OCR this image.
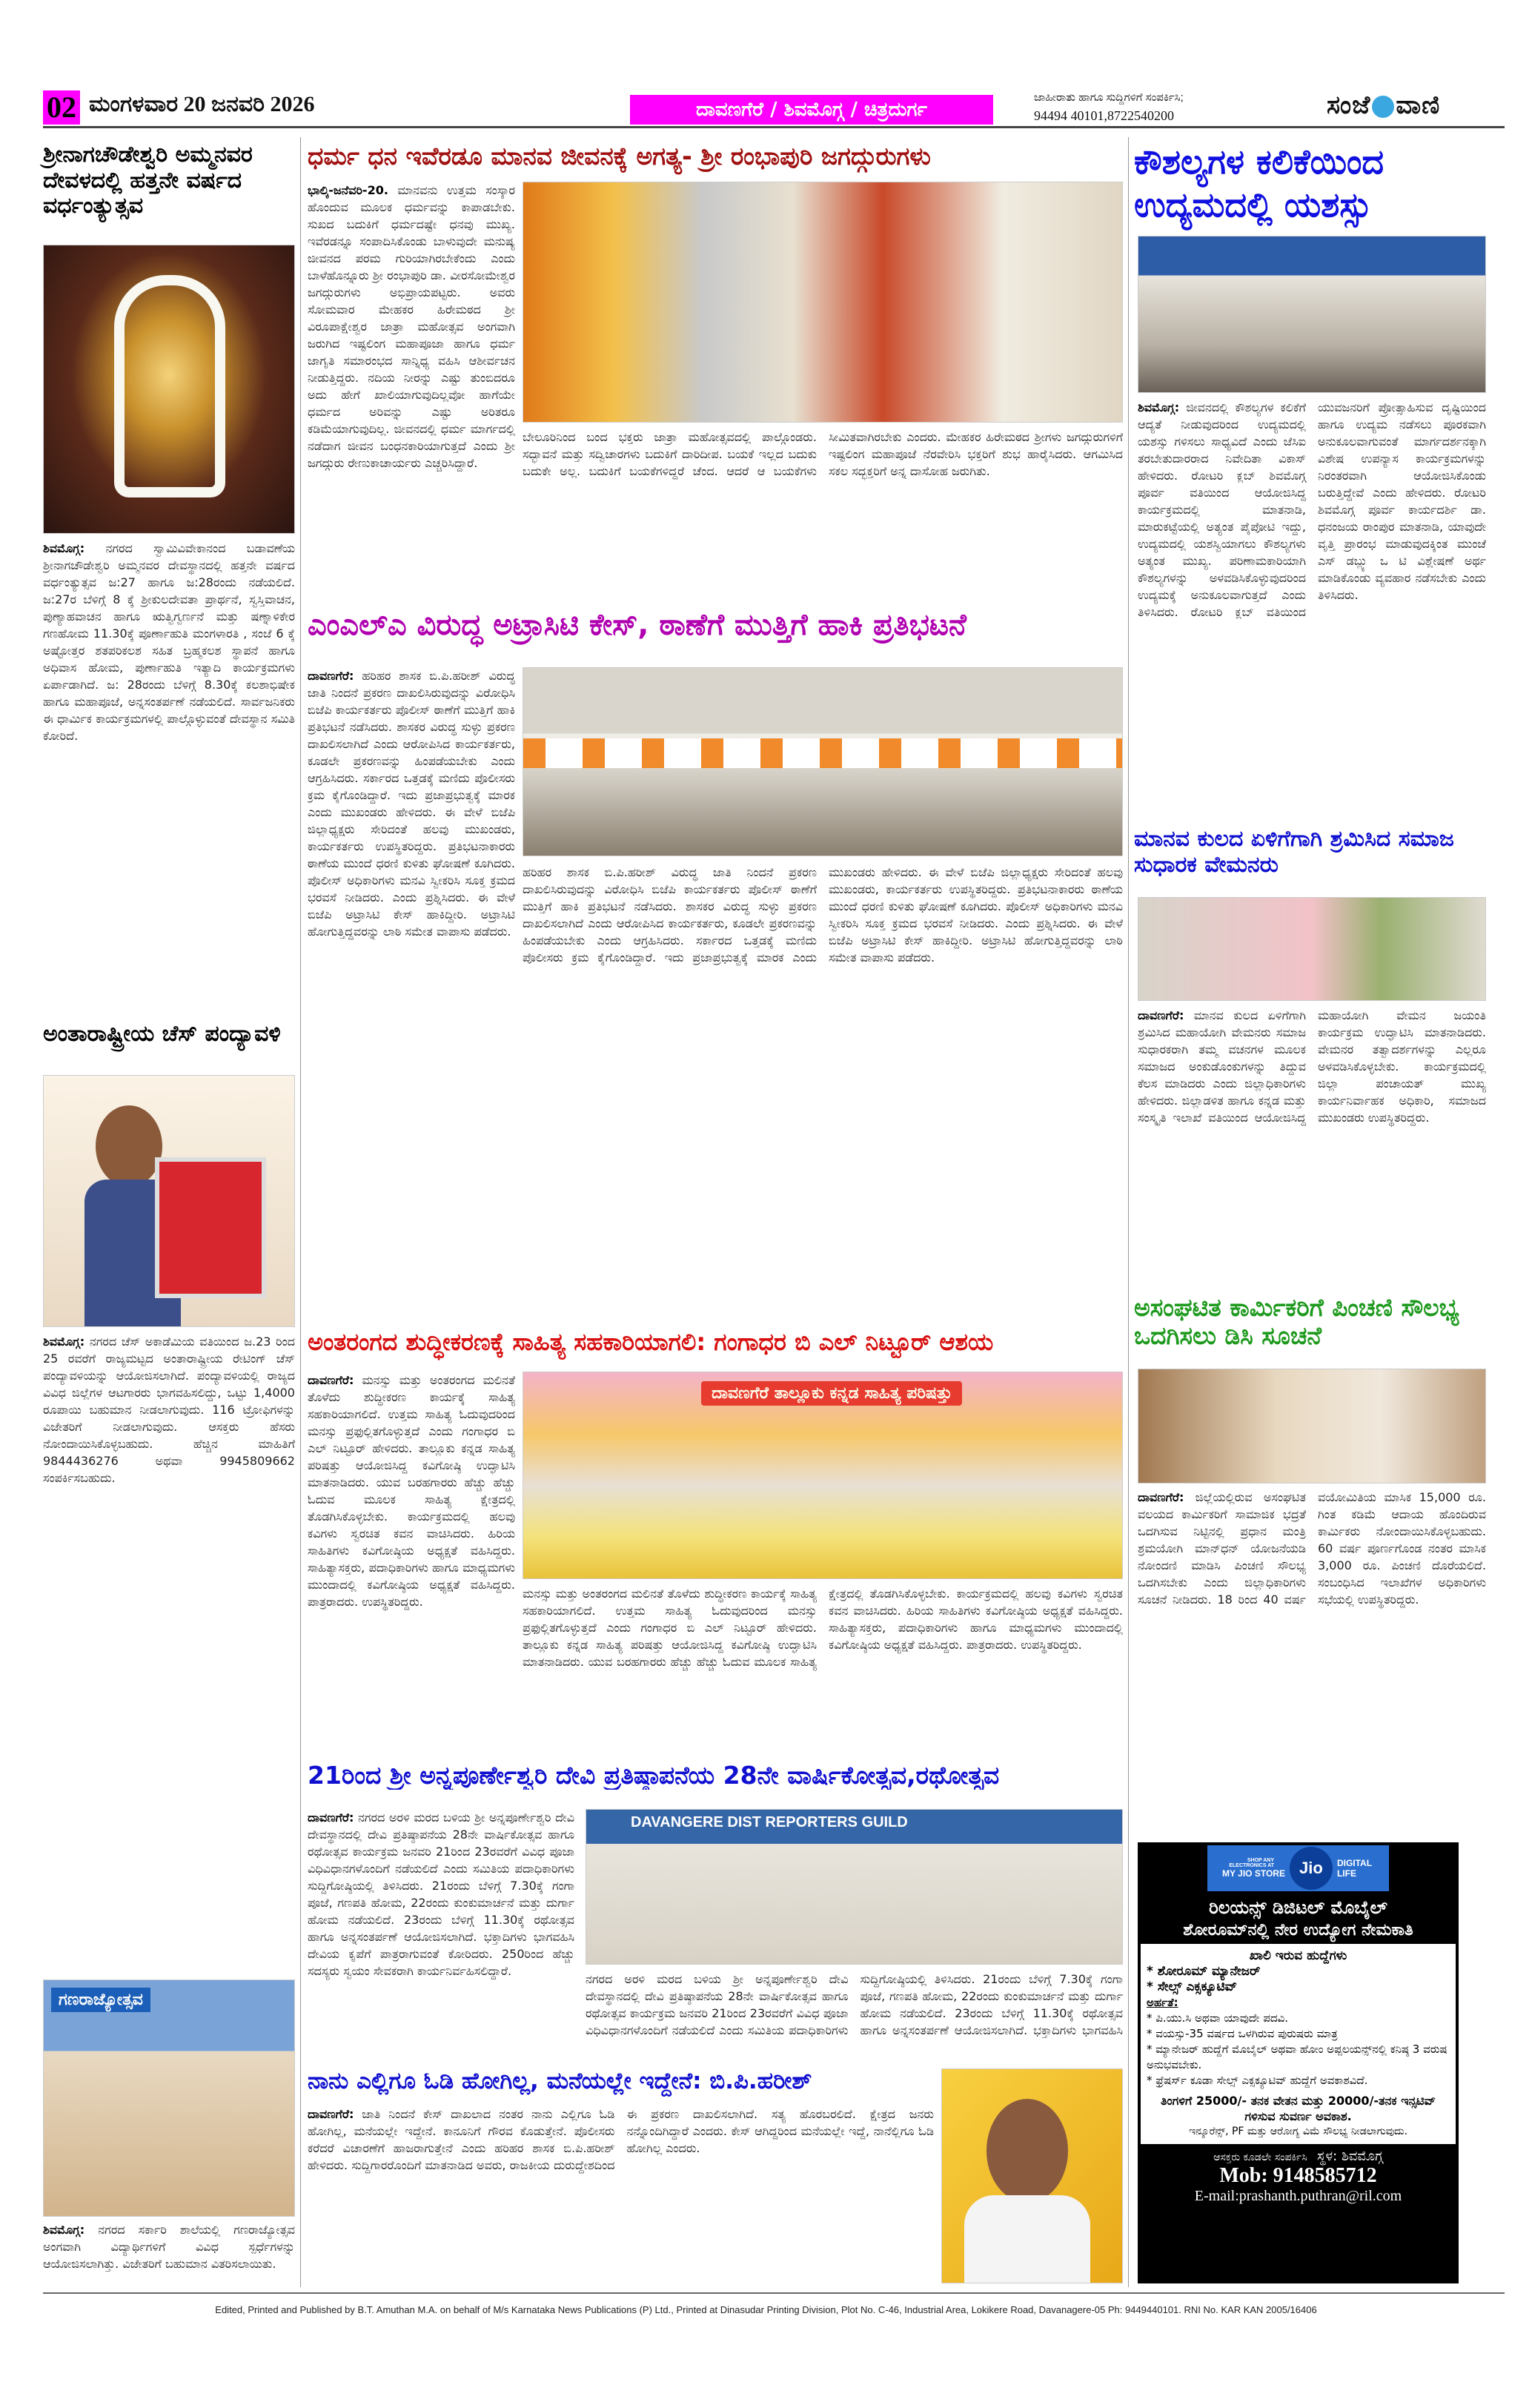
02 ಮಂಗಳವಾರ 20 ಜನವರಿ 2026	ದಾವಣಗೆರೆ / ಶಿವಮೊಗ್ಗ / ಚಿತ್ರದುರ್ಗ
ಜಾಹೀರಾತು ಹಾಗೂ ಸುದ್ದಿಗಳಿಗೆ ಸಂಪರ್ಕಿಸಿ;
94494 40101,8722540200	ಸಂಜೆ ವಾಣಿ
ಶ್ರೀನಾಗಚೌಡೇಶ್ವರಿ ಅಮ್ಮನವರ ದೇವಳದಲ್ಲಿ ಹತ್ತನೇ ವರ್ಷದ ವರ್ಧಂತ್ಯುತ್ಸವ
ಶಿವಮೊಗ್ಗ: ನಗರದ ಸ್ವಾಮಿವಿವೇಕಾನಂದ ಬಡಾವಣೆಯ ಶ್ರೀನಾಗಚೌಡೇಶ್ವರಿ ಅಮ್ಮನವರ ದೇವಸ್ಥಾನದಲ್ಲಿ ಹತ್ತನೇ ವರ್ಷದ ವರ್ಧಂತ್ಯುತ್ಸವ ಜ:27 ಹಾಗೂ ಜ:28ರಂದು ನಡೆಯಲಿದೆ. ಜ:27ರ ಬೆಳಿಗ್ಗೆ 8 ಕ್ಕೆ ಶ್ರೀಕುಲದೇವತಾ ಪ್ರಾರ್ಥನೆ, ಸ್ವಸ್ತಿವಾಚನ, ಪುಣ್ಯಾಹವಾಚನ ಹಾಗೂ ಋತ್ವಿಗ್ವರ್ಣನೆ ಮತ್ತು ಷಣ್ನಾಳಿಕೇರ ಗಣಹೋಮ 11.30ಕ್ಕೆ ಪೂರ್ಣಾಹುತಿ ಮಂಗಳಾರತಿ , ಸಂಜೆ 6 ಕ್ಕೆ ಅಷ್ಟೋತ್ತರ ಶತಪರಿಕಲಶ ಸಹಿತ ಬ್ರಹ್ಮಕಲಶ ಸ್ಥಾಪನೆ ಹಾಗೂ ಅಧಿವಾಸ ಹೋಮ, ಪುರ್ಣಾಹುತಿ ಇತ್ಯಾದಿ ಕಾರ್ಯಕ್ರಮಗಳು ಏರ್ಪಾಡಾಗಿದೆ. ಜ: 28ರಂದು ಬೆಳಿಗ್ಗೆ 8.30ಕ್ಕೆ ಕಲಶಾಭಿಷೇಕ ಹಾಗೂ ಮಹಾಪೂಜೆ, ಅನ್ನಸಂತರ್ಪಣೆ ನಡೆಯಲಿದೆ. ಸಾರ್ವಜನಿಕರು ಈ ಧಾರ್ಮಿಕ ಕಾರ್ಯಕ್ರಮಗಳಲ್ಲಿ ಪಾಲ್ಗೊಳ್ಳುವಂತೆ ದೇವಸ್ಥಾನ ಸಮಿತಿ ಕೋರಿದೆ.
ಅಂತಾರಾಷ್ಟ್ರೀಯ ಚೆಸ್ ಪಂದ್ಯಾವಳಿ
ಶಿವಮೊಗ್ಗ: ನಗರದ ಚೆಸ್ ಅಕಾಡೆಮಿಯ ವತಿಯಿಂದ ಜ.23 ರಿಂದ 25 ರವರೆಗೆ ರಾಜ್ಯಮಟ್ಟದ ಅಂತಾರಾಷ್ಟ್ರೀಯ ರೇಟಿಂಗ್ ಚೆಸ್ ಪಂದ್ಯಾವಳಿಯನ್ನು ಆಯೋಜಿಸಲಾಗಿದೆ. ಪಂದ್ಯಾವಳಿಯಲ್ಲಿ ರಾಜ್ಯದ ವಿವಿಧ ಜಿಲ್ಲೆಗಳ ಆಟಗಾರರು ಭಾಗವಹಿಸಲಿದ್ದು, ಒಟ್ಟು 1,4000 ರೂಪಾಯಿ ಬಹುಮಾನ ನೀಡಲಾಗುವುದು. 116 ಟ್ರೋಫಿಗಳನ್ನು ವಿಜೇತರಿಗೆ ನೀಡಲಾಗುವುದು. ಆಸಕ್ತರು ಹೆಸರು ನೋಂದಾಯಿಸಿಕೊಳ್ಳಬಹುದು. ಹೆಚ್ಚಿನ ಮಾಹಿತಿಗೆ 9844436276 ಅಥವಾ 9945809662 ಸಂಪರ್ಕಿಸಬಹುದು.
ಗಣರಾಜ್ಯೋತ್ಸವ
ಶಿವಮೊಗ್ಗ: ನಗರದ ಸರ್ಕಾರಿ ಶಾಲೆಯಲ್ಲಿ ಗಣರಾಜ್ಯೋತ್ಸವ ಅಂಗವಾಗಿ ವಿದ್ಯಾರ್ಥಿಗಳಿಗೆ ವಿವಿಧ ಸ್ಪರ್ಧೆಗಳನ್ನು ಆಯೋಜಿಸಲಾಗಿತ್ತು. ವಿಜೇತರಿಗೆ ಬಹುಮಾನ ವಿತರಿಸಲಾಯಿತು.
ಧರ್ಮ ಧನ ಇವೆರಡೂ ಮಾನವ ಜೀವನಕ್ಕೆ ಅಗತ್ಯ- ಶ್ರೀ ರಂಭಾಪುರಿ ಜಗದ್ಗುರುಗಳು
ಭಾಲ್ಕಿ-ಜನೆವರಿ-20. ಮಾನವನು ಉತ್ತಮ ಸಂಸ್ಕಾರ ಹೊಂದುವ ಮೂಲಕ ಧರ್ಮವನ್ನು ಕಾಪಾಡಬೇಕು. ಸುಖದ ಬದುಕಿಗೆ ಧರ್ಮದಷ್ಟೇ ಧನವು ಮುಖ್ಯ. ಇವೆರಡನ್ನೂ ಸಂಪಾದಿಸಿಕೊಂಡು ಬಾಳುವುದೇ ಮನುಷ್ಯ ಜೀವನದ ಪರಮ ಗುರಿಯಾಗಿರಬೇಕೆಂದು ಎಂದು ಬಾಳೆಹೊನ್ನೂರು ಶ್ರೀ ರಂಭಾಪುರಿ ಡಾ. ವೀರಸೋಮೇಶ್ವರ ಜಗದ್ಗುರುಗಳು ಅಭಿಪ್ರಾಯಪಟ್ಟರು. ಅವರು ಸೋಮವಾರ ಮೇಹಕರ ಹಿರೇಮಠದ ಶ್ರೀ ವಿರೂಪಾಕ್ಷೇಶ್ವರ ಜಾತ್ರಾ ಮಹೋತ್ಸವ ಅಂಗವಾಗಿ ಜರುಗಿದ ಇಷ್ಟಲಿಂಗ ಮಹಾಪೂಜಾ ಹಾಗೂ ಧರ್ಮ ಜಾಗೃತಿ ಸಮಾರಂಭದ ಸಾನ್ನಿಧ್ಯ ವಹಿಸಿ ಆಶೀರ್ವಚನ ನೀಡುತ್ತಿದ್ದರು. ನದಿಯ ನೀರನ್ನು ಎಷ್ಟು ತುಂಬಿದರೂ ಅದು ಹೇಗೆ ಖಾಲಿಯಾಗುವುದಿಲ್ಲವೋ ಹಾಗೆಯೇ ಧರ್ಮದ ಅರಿವನ್ನು ಎಷ್ಟು ಅರಿತರೂ ಕಡಿಮೆಯಾಗುವುದಿಲ್ಲ. ಜೀವನದಲ್ಲಿ ಧರ್ಮ ಮಾರ್ಗದಲ್ಲಿ ನಡೆದಾಗ ಜೀವನ ಬಂಧನಕಾರಿಯಾಗುತ್ತದೆ ಎಂದು ಶ್ರೀ ಜಗದ್ಗುರು ರೇಣುಕಾಚಾರ್ಯರು ಎಚ್ಚರಿಸಿದ್ದಾರೆ.
ಬೇಲೂರಿನಿಂದ ಬಂದ ಭಕ್ತರು ಜಾತ್ರಾ ಮಹೋತ್ಸವದಲ್ಲಿ ಪಾಲ್ಗೊಂಡರು. ಸದ್ಭಾವನೆ ಮತ್ತು ಸದ್ವಿಚಾರಗಳು ಬದುಕಿಗೆ ದಾರಿದೀಪ. ಬಯಕೆ ಇಲ್ಲದ ಬದುಕು ಬದುಕೇ ಅಲ್ಲ. ಬದುಕಿಗೆ ಬಯಕೆಗಳಿದ್ದರೆ ಚೆಂದ. ಆದರೆ ಆ ಬಯಕೆಗಳು ಸೀಮಿತವಾಗಿರಬೇಕು ಎಂದರು. ಮೇಹಕರ ಹಿರೇಮಠದ ಶ್ರೀಗಳು ಜಗದ್ಗುರುಗಳಿಗೆ ಇಷ್ಟಲಿಂಗ ಮಹಾಪೂಜೆ ನೆರವೇರಿಸಿ ಭಕ್ತರಿಗೆ ಶುಭ ಹಾರೈಸಿದರು. ಆಗಮಿಸಿದ ಸಕಲ ಸದ್ಭಕ್ತರಿಗೆ ಅನ್ನ ದಾಸೋಹ ಜರುಗಿತು.
ಎಂಎಲ್‌ಎ ವಿರುದ್ಧ ಅಟ್ರಾಸಿಟಿ ಕೇಸ್, ಠಾಣೆಗೆ ಮುತ್ತಿಗೆ ಹಾಕಿ ಪ್ರತಿಭಟನೆ
ದಾವಣಗೆರೆ: ಹರಿಹರ ಶಾಸಕ ಬಿ.ಪಿ.ಹರೀಶ್ ವಿರುದ್ಧ ಜಾತಿ ನಿಂದನೆ ಪ್ರಕರಣ ದಾಖಲಿಸಿರುವುದನ್ನು ವಿರೋಧಿಸಿ ಬಿಜೆಪಿ ಕಾರ್ಯಕರ್ತರು ಪೊಲೀಸ್ ಠಾಣೆಗೆ ಮುತ್ತಿಗೆ ಹಾಕಿ ಪ್ರತಿಭಟನೆ ನಡೆಸಿದರು. ಶಾಸಕರ ವಿರುದ್ಧ ಸುಳ್ಳು ಪ್ರಕರಣ ದಾಖಲಿಸಲಾಗಿದೆ ಎಂದು ಆರೋಪಿಸಿದ ಕಾರ್ಯಕರ್ತರು, ಕೂಡಲೇ ಪ್ರಕರಣವನ್ನು ಹಿಂಪಡೆಯಬೇಕು ಎಂದು ಆಗ್ರಹಿಸಿದರು. ಸರ್ಕಾರದ ಒತ್ತಡಕ್ಕೆ ಮಣಿದು ಪೊಲೀಸರು ಕ್ರಮ ಕೈಗೊಂಡಿದ್ದಾರೆ. ಇದು ಪ್ರಜಾಪ್ರಭುತ್ವಕ್ಕೆ ಮಾರಕ ಎಂದು ಮುಖಂಡರು ಹೇಳಿದರು. ಈ ವೇಳೆ ಬಿಜೆಪಿ ಜಿಲ್ಲಾಧ್ಯಕ್ಷರು ಸೇರಿದಂತೆ ಹಲವು ಮುಖಂಡರು, ಕಾರ್ಯಕರ್ತರು ಉಪಸ್ಥಿತರಿದ್ದರು. ಪ್ರತಿಭಟನಾಕಾರರು ಠಾಣೆಯ ಮುಂದೆ ಧರಣಿ ಕುಳಿತು ಘೋಷಣೆ ಕೂಗಿದರು. ಪೊಲೀಸ್ ಅಧಿಕಾರಿಗಳು ಮನವಿ ಸ್ವೀಕರಿಸಿ ಸೂಕ್ತ ಕ್ರಮದ ಭರವಸೆ ನೀಡಿದರು. ಎಂದು ಪ್ರಶ್ನಿಸಿದರು. ಈ ವೇಳೆ ಬಿಜೆಪಿ ಅಟ್ರಾಸಿಟಿ ಕೇಸ್ ಹಾಕಿದ್ದೀರಿ. ಅಟ್ರಾಸಿಟಿ ಹೋಗುತ್ತಿದ್ದವರನ್ನು ಲಾಠಿ ಸಮೇತ ವಾಪಾಸು ಪಡೆದರು.
ಹರಿಹರ ಶಾಸಕ ಬಿ.ಪಿ.ಹರೀಶ್ ವಿರುದ್ಧ ಜಾತಿ ನಿಂದನೆ ಪ್ರಕರಣ ದಾಖಲಿಸಿರುವುದನ್ನು ವಿರೋಧಿಸಿ ಬಿಜೆಪಿ ಕಾರ್ಯಕರ್ತರು ಪೊಲೀಸ್ ಠಾಣೆಗೆ ಮುತ್ತಿಗೆ ಹಾಕಿ ಪ್ರತಿಭಟನೆ ನಡೆಸಿದರು. ಶಾಸಕರ ವಿರುದ್ಧ ಸುಳ್ಳು ಪ್ರಕರಣ ದಾಖಲಿಸಲಾಗಿದೆ ಎಂದು ಆರೋಪಿಸಿದ ಕಾರ್ಯಕರ್ತರು, ಕೂಡಲೇ ಪ್ರಕರಣವನ್ನು ಹಿಂಪಡೆಯಬೇಕು ಎಂದು ಆಗ್ರಹಿಸಿದರು. ಸರ್ಕಾರದ ಒತ್ತಡಕ್ಕೆ ಮಣಿದು ಪೊಲೀಸರು ಕ್ರಮ ಕೈಗೊಂಡಿದ್ದಾರೆ. ಇದು ಪ್ರಜಾಪ್ರಭುತ್ವಕ್ಕೆ ಮಾರಕ ಎಂದು ಮುಖಂಡರು ಹೇಳಿದರು. ಈ ವೇಳೆ ಬಿಜೆಪಿ ಜಿಲ್ಲಾಧ್ಯಕ್ಷರು ಸೇರಿದಂತೆ ಹಲವು ಮುಖಂಡರು, ಕಾರ್ಯಕರ್ತರು ಉಪಸ್ಥಿತರಿದ್ದರು. ಪ್ರತಿಭಟನಾಕಾರರು ಠಾಣೆಯ ಮುಂದೆ ಧರಣಿ ಕುಳಿತು ಘೋಷಣೆ ಕೂಗಿದರು. ಪೊಲೀಸ್ ಅಧಿಕಾರಿಗಳು ಮನವಿ ಸ್ವೀಕರಿಸಿ ಸೂಕ್ತ ಕ್ರಮದ ಭರವಸೆ ನೀಡಿದರು. ಎಂದು ಪ್ರಶ್ನಿಸಿದರು. ಈ ವೇಳೆ ಬಿಜೆಪಿ ಅಟ್ರಾಸಿಟಿ ಕೇಸ್ ಹಾಕಿದ್ದೀರಿ. ಅಟ್ರಾಸಿಟಿ ಹೋಗುತ್ತಿದ್ದವರನ್ನು ಲಾಠಿ ಸಮೇತ ವಾಪಾಸು ಪಡೆದರು.
ಅಂತರಂಗದ ಶುದ್ಧೀಕರಣಕ್ಕೆ ಸಾಹಿತ್ಯ ಸಹಕಾರಿಯಾಗಲಿ: ಗಂಗಾಧರ ಬಿ ಎಲ್ ನಿಟ್ಟೂರ್ ಆಶಯ
ದಾವಣಗೆರೆ: ಮನಸ್ಸು ಮತ್ತು ಅಂತರಂಗದ ಮಲಿನತೆ ತೊಳೆದು ಶುದ್ಧೀಕರಣ ಕಾರ್ಯಕ್ಕೆ ಸಾಹಿತ್ಯ ಸಹಕಾರಿಯಾಗಲಿದೆ. ಉತ್ತಮ ಸಾಹಿತ್ಯ ಓದುವುದರಿಂದ ಮನಸ್ಸು ಪ್ರಫುಲ್ಲಿತಗೊಳ್ಳುತ್ತದೆ ಎಂದು ಗಂಗಾಧರ ಬಿ ಎಲ್ ನಿಟ್ಟೂರ್ ಹೇಳಿದರು. ತಾಲ್ಲೂಕು ಕನ್ನಡ ಸಾಹಿತ್ಯ ಪರಿಷತ್ತು ಆಯೋಜಿಸಿದ್ದ ಕವಿಗೋಷ್ಠಿ ಉದ್ಘಾಟಿಸಿ ಮಾತನಾಡಿದರು. ಯುವ ಬರಹಗಾರರು ಹೆಚ್ಚು ಹೆಚ್ಚು ಓದುವ ಮೂಲಕ ಸಾಹಿತ್ಯ ಕ್ಷೇತ್ರದಲ್ಲಿ ತೊಡಗಿಸಿಕೊಳ್ಳಬೇಕು. ಕಾರ್ಯಕ್ರಮದಲ್ಲಿ ಹಲವು ಕವಿಗಳು ಸ್ವರಚಿತ ಕವನ ವಾಚಿಸಿದರು. ಹಿರಿಯ ಸಾಹಿತಿಗಳು ಕವಿಗೋಷ್ಠಿಯ ಅಧ್ಯಕ್ಷತೆ ವಹಿಸಿದ್ದರು. ಸಾಹಿತ್ಯಾಸಕ್ತರು, ಪದಾಧಿಕಾರಿಗಳು ಹಾಗೂ ಮಾಧ್ಯಮಗಳು ಮುಂದಾದಲ್ಲಿ ಕವಿಗೋಷ್ಠಿಯ ಅಧ್ಯಕ್ಷತೆ ವಹಿಸಿದ್ದರು. ಪಾತ್ರರಾದರು. ಉಪಸ್ಥಿತರಿದ್ದರು.
ದಾವಣಗೆರೆ ತಾಲ್ಲೂಕು ಕನ್ನಡ ಸಾಹಿತ್ಯ ಪರಿಷತ್ತು
ಮನಸ್ಸು ಮತ್ತು ಅಂತರಂಗದ ಮಲಿನತೆ ತೊಳೆದು ಶುದ್ಧೀಕರಣ ಕಾರ್ಯಕ್ಕೆ ಸಾಹಿತ್ಯ ಸಹಕಾರಿಯಾಗಲಿದೆ. ಉತ್ತಮ ಸಾಹಿತ್ಯ ಓದುವುದರಿಂದ ಮನಸ್ಸು ಪ್ರಫುಲ್ಲಿತಗೊಳ್ಳುತ್ತದೆ ಎಂದು ಗಂಗಾಧರ ಬಿ ಎಲ್ ನಿಟ್ಟೂರ್ ಹೇಳಿದರು. ತಾಲ್ಲೂಕು ಕನ್ನಡ ಸಾಹಿತ್ಯ ಪರಿಷತ್ತು ಆಯೋಜಿಸಿದ್ದ ಕವಿಗೋಷ್ಠಿ ಉದ್ಘಾಟಿಸಿ ಮಾತನಾಡಿದರು. ಯುವ ಬರಹಗಾರರು ಹೆಚ್ಚು ಹೆಚ್ಚು ಓದುವ ಮೂಲಕ ಸಾಹಿತ್ಯ ಕ್ಷೇತ್ರದಲ್ಲಿ ತೊಡಗಿಸಿಕೊಳ್ಳಬೇಕು. ಕಾರ್ಯಕ್ರಮದಲ್ಲಿ ಹಲವು ಕವಿಗಳು ಸ್ವರಚಿತ ಕವನ ವಾಚಿಸಿದರು. ಹಿರಿಯ ಸಾಹಿತಿಗಳು ಕವಿಗೋಷ್ಠಿಯ ಅಧ್ಯಕ್ಷತೆ ವಹಿಸಿದ್ದರು. ಸಾಹಿತ್ಯಾಸಕ್ತರು, ಪದಾಧಿಕಾರಿಗಳು ಹಾಗೂ ಮಾಧ್ಯಮಗಳು ಮುಂದಾದಲ್ಲಿ ಕವಿಗೋಷ್ಠಿಯ ಅಧ್ಯಕ್ಷತೆ ವಹಿಸಿದ್ದರು. ಪಾತ್ರರಾದರು. ಉಪಸ್ಥಿತರಿದ್ದರು.
21ರಿಂದ ಶ್ರೀ ಅನ್ನಪೂರ್ಣೇಶ್ವರಿ ದೇವಿ ಪ್ರತಿಷ್ಠಾಪನೆಯ 28ನೇ ವಾರ್ಷಿಕೋತ್ಸವ,ರಥೋತ್ಸವ
ದಾವಣಗೆರೆ: ನಗರದ ಅರಳಿ ಮರದ ಬಳಿಯ ಶ್ರೀ ಅನ್ನಪೂರ್ಣೇಶ್ವರಿ ದೇವಿ ದೇವಸ್ಥಾನದಲ್ಲಿ ದೇವಿ ಪ್ರತಿಷ್ಠಾಪನೆಯ 28ನೇ ವಾರ್ಷಿಕೋತ್ಸವ ಹಾಗೂ ರಥೋತ್ಸವ ಕಾರ್ಯಕ್ರಮ ಜನವರಿ 21ರಿಂದ 23ರವರೆಗೆ ವಿವಿಧ ಪೂಜಾ ವಿಧಿವಿಧಾನಗಳೊಂದಿಗೆ ನಡೆಯಲಿದೆ ಎಂದು ಸಮಿತಿಯ ಪದಾಧಿಕಾರಿಗಳು ಸುದ್ದಿಗೋಷ್ಠಿಯಲ್ಲಿ ತಿಳಿಸಿದರು. 21ರಂದು ಬೆಳಿಗ್ಗೆ 7.30ಕ್ಕೆ ಗಂಗಾ ಪೂಜೆ, ಗಣಪತಿ ಹೋಮ, 22ರಂದು ಕುಂಕುಮಾರ್ಚನೆ ಮತ್ತು ದುರ್ಗಾ ಹೋಮ ನಡೆಯಲಿದೆ. 23ರಂದು ಬೆಳಿಗ್ಗೆ 11.30ಕ್ಕೆ ರಥೋತ್ಸವ ಹಾಗೂ ಅನ್ನಸಂತರ್ಪಣೆ ಆಯೋಜಿಸಲಾಗಿದೆ. ಭಕ್ತಾದಿಗಳು ಭಾಗವಹಿಸಿ ದೇವಿಯ ಕೃಪೆಗೆ ಪಾತ್ರರಾಗುವಂತೆ ಕೋರಿದರು. 250ರಿಂದ ಹೆಚ್ಚು ಸದಸ್ಯರು ಸ್ವಯಂ ಸೇವಕರಾಗಿ ಕಾರ್ಯನಿರ್ವಹಿಸಲಿದ್ದಾರೆ.
DAVANGERE DIST REPORTERS GUILD
ನಗರದ ಅರಳಿ ಮರದ ಬಳಿಯ ಶ್ರೀ ಅನ್ನಪೂರ್ಣೇಶ್ವರಿ ದೇವಿ ದೇವಸ್ಥಾನದಲ್ಲಿ ದೇವಿ ಪ್ರತಿಷ್ಠಾಪನೆಯ 28ನೇ ವಾರ್ಷಿಕೋತ್ಸವ ಹಾಗೂ ರಥೋತ್ಸವ ಕಾರ್ಯಕ್ರಮ ಜನವರಿ 21ರಿಂದ 23ರವರೆಗೆ ವಿವಿಧ ಪೂಜಾ ವಿಧಿವಿಧಾನಗಳೊಂದಿಗೆ ನಡೆಯಲಿದೆ ಎಂದು ಸಮಿತಿಯ ಪದಾಧಿಕಾರಿಗಳು ಸುದ್ದಿಗೋಷ್ಠಿಯಲ್ಲಿ ತಿಳಿಸಿದರು. 21ರಂದು ಬೆಳಿಗ್ಗೆ 7.30ಕ್ಕೆ ಗಂಗಾ ಪೂಜೆ, ಗಣಪತಿ ಹೋಮ, 22ರಂದು ಕುಂಕುಮಾರ್ಚನೆ ಮತ್ತು ದುರ್ಗಾ ಹೋಮ ನಡೆಯಲಿದೆ. 23ರಂದು ಬೆಳಿಗ್ಗೆ 11.30ಕ್ಕೆ ರಥೋತ್ಸವ ಹಾಗೂ ಅನ್ನಸಂತರ್ಪಣೆ ಆಯೋಜಿಸಲಾಗಿದೆ. ಭಕ್ತಾದಿಗಳು ಭಾಗವಹಿಸಿ
ನಾನು ಎಲ್ಲಿಗೂ ಓಡಿ ಹೋಗಿಲ್ಲ, ಮನೆಯಲ್ಲೇ ಇದ್ದೇನೆ: ಬಿ.ಪಿ.ಹರೀಶ್
ದಾವಣಗೆರೆ: ಜಾತಿ ನಿಂದನೆ ಕೇಸ್ ದಾಖಲಾದ ನಂತರ ನಾನು ಎಲ್ಲಿಗೂ ಓಡಿ ಹೋಗಿಲ್ಲ, ಮನೆಯಲ್ಲೇ ಇದ್ದೇನೆ. ಕಾನೂನಿಗೆ ಗೌರವ ಕೊಡುತ್ತೇನೆ. ಪೊಲೀಸರು ಕರೆದರೆ ವಿಚಾರಣೆಗೆ ಹಾಜರಾಗುತ್ತೇನೆ ಎಂದು ಹರಿಹರ ಶಾಸಕ ಬಿ.ಪಿ.ಹರೀಶ್ ಹೇಳಿದರು. ಸುದ್ದಿಗಾರರೊಂದಿಗೆ ಮಾತನಾಡಿದ ಅವರು, ರಾಜಕೀಯ ದುರುದ್ದೇಶದಿಂದ ಈ ಪ್ರಕರಣ ದಾಖಲಿಸಲಾಗಿದೆ. ಸತ್ಯ ಹೊರಬರಲಿದೆ. ಕ್ಷೇತ್ರದ ಜನರು ನನ್ನೊಂದಿಗಿದ್ದಾರೆ ಎಂದರು. ಕೇಸ್ ಆಗಿದ್ದರಿಂದ ಮನೆಯಲ್ಲೇ ಇದ್ದೆ, ನಾನೆಲ್ಲಿಗೂ ಓಡಿ ಹೋಗಿಲ್ಲ ಎಂದರು.
ಕೌಶಲ್ಯಗಳ ಕಲಿಕೆಯಿಂದ ಉದ್ಯಮದಲ್ಲಿ ಯಶಸ್ಸು
ಶಿವಮೊಗ್ಗ: ಜೀವನದಲ್ಲಿ ಕೌಶಲ್ಯಗಳ ಕಲಿಕೆಗೆ ಆದ್ಯತೆ ನೀಡುವುದರಿಂದ ಉದ್ಯಮದಲ್ಲಿ ಯಶಸ್ಸು ಗಳಿಸಲು ಸಾಧ್ಯವಿದೆ ಎಂದು ಜೆಸಿಐ ತರಬೇತುದಾರರಾದ ನಿವೇದಿತಾ ವಿಕಾಸ್ ಹೇಳಿದರು. ರೋಟರಿ ಕ್ಲಬ್ ಶಿವಮೊಗ್ಗ ಪೂರ್ವ ವತಿಯಿಂದ ಆಯೋಜಿಸಿದ್ದ ಕಾರ್ಯಕ್ರಮದಲ್ಲಿ ಮಾತನಾಡಿ, ಮಾರುಕಟ್ಟೆಯಲ್ಲಿ ಅತ್ಯಂತ ಪೈಪೋಟಿ ಇದ್ದು, ಉದ್ಯಮದಲ್ಲಿ ಯಶಸ್ವಿಯಾಗಲು ಕೌಶಲ್ಯಗಳು ಅತ್ಯಂತ ಮುಖ್ಯ. ಪರಿಣಾಮಕಾರಿಯಾಗಿ ಕೌಶಲ್ಯಗಳನ್ನು ಅಳವಡಿಸಿಕೊಳ್ಳುವುದರಿಂದ ಉದ್ಯಮಕ್ಕೆ ಅನುಕೂಲವಾಗುತ್ತದೆ ಎಂದು ತಿಳಿಸಿದರು. ರೋಟರಿ ಕ್ಲಬ್ ವತಿಯಿಂದ ಯುವಜನರಿಗೆ ಪ್ರೋತ್ಸಾಹಿಸುವ ದೃಷ್ಟಿಯಿಂದ ಹಾಗೂ ಉದ್ಯಮ ನಡೆಸಲು ಪೂರಕವಾಗಿ ಅನುಕೂಲವಾಗುವಂತೆ ಮಾರ್ಗದರ್ಶನಕ್ಕಾಗಿ ವಿಶೇಷ ಉಪನ್ಯಾಸ ಕಾರ್ಯಕ್ರಮಗಳನ್ನು ನಿರಂತರವಾಗಿ ಆಯೋಜಿಸಿಕೊಂಡು ಬರುತ್ತಿದ್ದೇವೆ ಎಂದು ಹೇಳಿದರು. ರೋಟರಿ ಶಿವಮೊಗ್ಗ ಪೂರ್ವ ಕಾರ್ಯದರ್ಶಿ ಡಾ. ಧನಂಜಯ ರಾಂಪುರ ಮಾತನಾಡಿ, ಯಾವುದೇ ವೃತ್ತಿ ಪ್ರಾರಂಭ ಮಾಡುವುದಕ್ಕಿಂತ ಮುಂಚೆ ಎಸ್ ಡಬ್ಲ್ಯು ಒ ಟಿ ವಿಶ್ಲೇಷಣೆ ಅರ್ಥ ಮಾಡಿಕೊಂಡು ವ್ಯವಹಾರ ನಡೆಸಬೇಕು ಎಂದು ತಿಳಿಸಿದರು.
ಮಾನವ ಕುಲದ ಏಳಿಗೆಗಾಗಿ ಶ್ರಮಿಸಿದ ಸಮಾಜ ಸುಧಾರಕ ವೇಮನರು
ದಾವಣಗೆರೆ: ಮಾನವ ಕುಲದ ಏಳಿಗೆಗಾಗಿ ಶ್ರಮಿಸಿದ ಮಹಾಯೋಗಿ ವೇಮನರು ಸಮಾಜ ಸುಧಾರಕರಾಗಿ ತಮ್ಮ ವಚನಗಳ ಮೂಲಕ ಸಮಾಜದ ಅಂಕುಡೊಂಕುಗಳನ್ನು ತಿದ್ದುವ ಕೆಲಸ ಮಾಡಿದರು ಎಂದು ಜಿಲ್ಲಾಧಿಕಾರಿಗಳು ಹೇಳಿದರು. ಜಿಲ್ಲಾಡಳಿತ ಹಾಗೂ ಕನ್ನಡ ಮತ್ತು ಸಂಸ್ಕೃತಿ ಇಲಾಖೆ ವತಿಯಿಂದ ಆಯೋಜಿಸಿದ್ದ ಮಹಾಯೋಗಿ ವೇಮನ ಜಯಂತಿ ಕಾರ್ಯಕ್ರಮ ಉದ್ಘಾಟಿಸಿ ಮಾತನಾಡಿದರು. ವೇಮನರ ತತ್ವಾದರ್ಶಗಳನ್ನು ಎಲ್ಲರೂ ಅಳವಡಿಸಿಕೊಳ್ಳಬೇಕು. ಕಾರ್ಯಕ್ರಮದಲ್ಲಿ ಜಿಲ್ಲಾ ಪಂಚಾಯತ್ ಮುಖ್ಯ ಕಾರ್ಯನಿರ್ವಾಹಕ ಅಧಿಕಾರಿ, ಸಮಾಜದ ಮುಖಂಡರು ಉಪಸ್ಥಿತರಿದ್ದರು.
ಅಸಂಘಟಿತ ಕಾರ್ಮಿಕರಿಗೆ ಪಿಂಚಣಿ ಸೌಲಭ್ಯ ಒದಗಿಸಲು ಡಿಸಿ ಸೂಚನೆ
ದಾವಣಗೆರೆ: ಜಿಲ್ಲೆಯಲ್ಲಿರುವ ಅಸಂಘಟಿತ ವಲಯದ ಕಾರ್ಮಿಕರಿಗೆ ಸಾಮಾಜಿಕ ಭದ್ರತೆ ಒದಗಿಸುವ ನಿಟ್ಟಿನಲ್ಲಿ ಪ್ರಧಾನ ಮಂತ್ರಿ ಶ್ರಮಯೋಗಿ ಮಾನ್‌ಧನ್ ಯೋಜನೆಯಡಿ ನೋಂದಣಿ ಮಾಡಿಸಿ ಪಿಂಚಣಿ ಸೌಲಭ್ಯ ಒದಗಿಸಬೇಕು ಎಂದು ಜಿಲ್ಲಾಧಿಕಾರಿಗಳು ಸೂಚನೆ ನೀಡಿದರು. 18 ರಿಂದ 40 ವರ್ಷ ವಯೋಮಿತಿಯ ಮಾಸಿಕ 15,000 ರೂ. ಗಿಂತ ಕಡಿಮೆ ಆದಾಯ ಹೊಂದಿರುವ ಕಾರ್ಮಿಕರು ನೋಂದಾಯಿಸಿಕೊಳ್ಳಬಹುದು. 60 ವರ್ಷ ಪೂರ್ಣಗೊಂಡ ನಂತರ ಮಾಸಿಕ 3,000 ರೂ. ಪಿಂಚಣಿ ದೊರೆಯಲಿದೆ. ಸಂಬಂಧಿಸಿದ ಇಲಾಖೆಗಳ ಅಧಿಕಾರಿಗಳು ಸಭೆಯಲ್ಲಿ ಉಪಸ್ಥಿತರಿದ್ದರು.
SHOP ANY ELECTRONICS AT
MY JIO STORE Jio	DIGITAL LIFE
ರಿಲಯನ್ಸ್ ಡಿಜಿಟಲ್ ಮೊಬೈಲ್
ಶೋರೂಮ್‌ನಲ್ಲಿ ನೇರ ಉದ್ಯೋಗ ನೇಮಕಾತಿ
ಖಾಲಿ ಇರುವ ಹುದ್ದೆಗಳು
* ಶೋರೂಮ್ ಮ್ಯಾನೇಜರ್
* ಸೇಲ್ಸ್ ಎಕ್ಸಕ್ಯೂಟಿವ್
ಅರ್ಹತೆ:
* ಪಿ.ಯು.ಸಿ ಅಥವಾ ಯಾವುದೇ ಪದವಿ.
* ವಯಸ್ಸು-35 ವರ್ಷದ ಒಳಗಿರುವ ಪುರುಷರು ಮಾತ್ರ
* ಮ್ಯಾನೇಜರ್ ಹುದ್ದೆಗೆ ಮೊಬೈಲ್ ಅಥವಾ ಹೋಂ ಅಪ್ಪಲಯನ್ಸ್‌ನಲ್ಲಿ ಕನಿಷ್ಠ 3 ವರುಷ ಅನುಭವಬೇಕು.
* ಫ್ರೆಷರ್ಸ್ ಕೂಡಾ ಸೇಲ್ಸ್ ಎಕ್ಸಕ್ಯೂಟಿವ್ ಹುದ್ದೆಗೆ ಅವಕಾಶವಿದೆ.
ತಿಂಗಳಿಗೆ 25000/- ತನಕ ವೇತನ ಮತ್ತು 20000/-ತನಕ ಇನ್ಸಟಿವ್ ಗಳಿಸುವ ಸುವರ್ಣ ಅವಕಾಶ.
ಇನ್ಶೂರೆನ್ಸ್, PF ಮತ್ತು ಆರೋಗ್ಯ ವಿಮೆ ಸೌಲಭ್ಯ ನೀಡಲಾಗುವುದು.
ಆಸಕ್ತರು ಕೂಡಲೇ ಸಂಪರ್ಕಿಸಿ ಸ್ಥಳ: ಶಿವಮೊಗ್ಗ
Mob: 9148585712
E-mail:prashanth.puthran@ril.com
Edited, Printed and Published by B.T. Amuthan M.A. on behalf of M/s Karnataka News Publications (P) Ltd., Printed at Dinasudar Printing Division, Plot No. C-46, Industrial Area, Lokikere Road, Davanagere-05 Ph: 9449440101. RNI No. KAR KAN 2005/16406
